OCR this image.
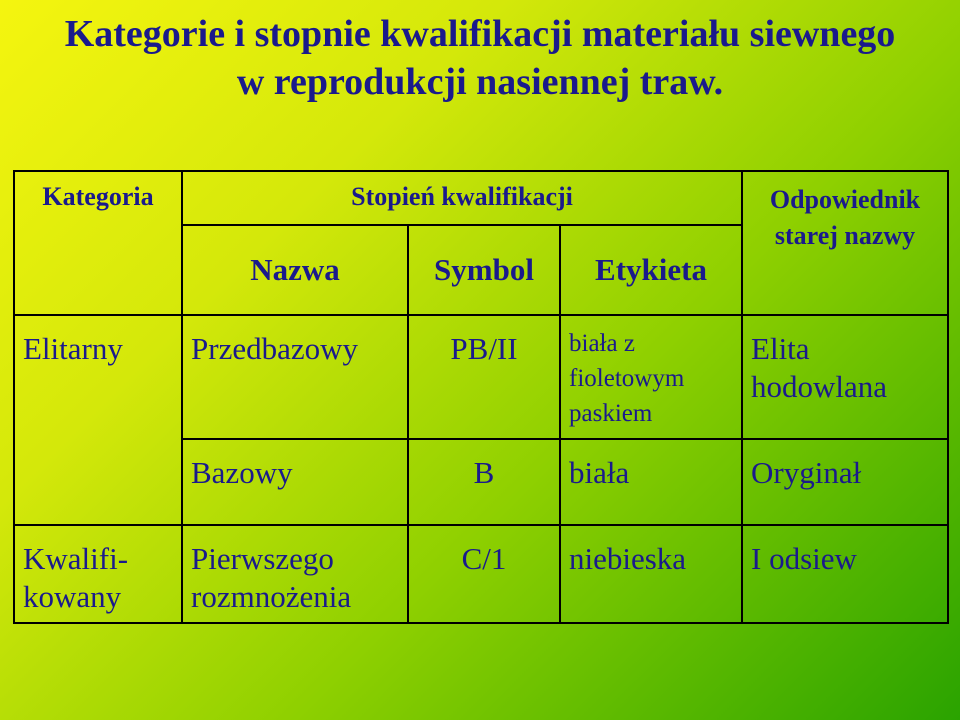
Kategorie i stopnie kwalifikacji materiału siewnego
w reprodukcji nasiennej traw.
Kategoria	Stopień kwalifikacji			Odpowiednik starej nazwy
	Nazwa	Symbol	Etykieta	
Elitarny	Przedbazowy	PB/II	biała z fioletowym paskiem	Elita hodowlana
	Bazowy	B	biała	Oryginał
Kwalifi-kowany	Pierwszego rozmnożenia	C/1	niebieska	I odsiew
